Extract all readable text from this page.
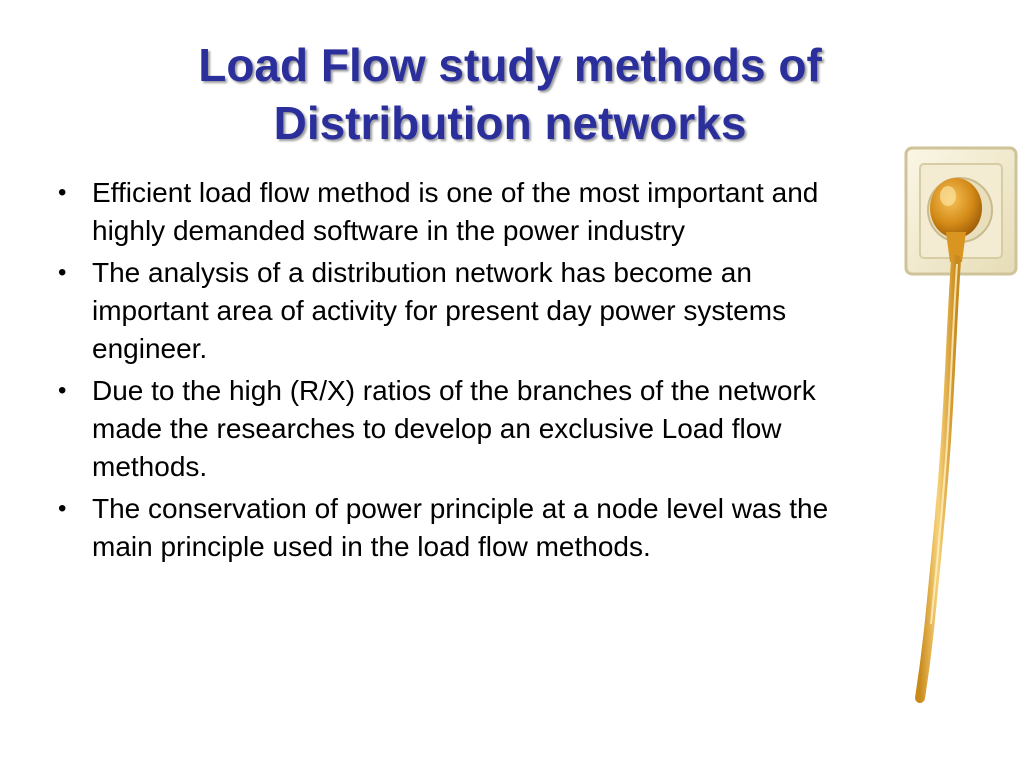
Load Flow study methods of
Distribution networks
• Efficient load flow method is one of the most important and highly demanded software in the power industry
• The analysis of a distribution network has become an important area of activity for present day power systems engineer.
• Due to the high (R/X) ratios of the branches of the network made the researches to develop an exclusive Load flow methods.
• The conservation of power principle at a node level was the main principle used in the load flow methods.
